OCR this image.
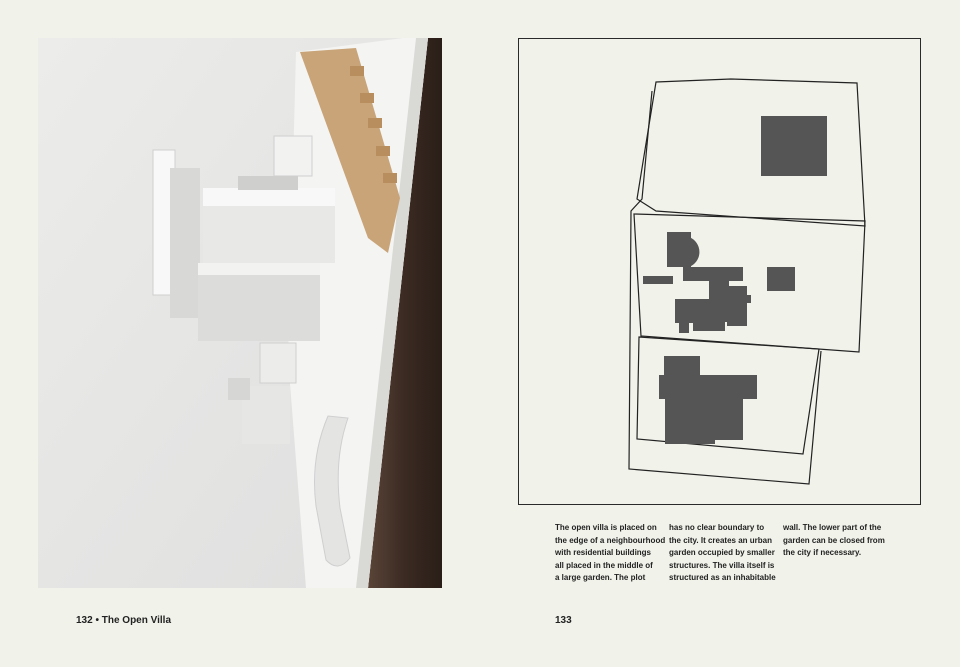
132 • The Open Villa
The open villa is placed on
the edge of a neighbourhood
with residential buildings
all placed in the middle of
a large garden. The plot
has no clear boundary to
the city. It creates an urban
garden occupied by smaller
structures. The villa itself is
structured as an inhabitable
wall. The lower part of the
garden can be closed from
the city if necessary.
133
